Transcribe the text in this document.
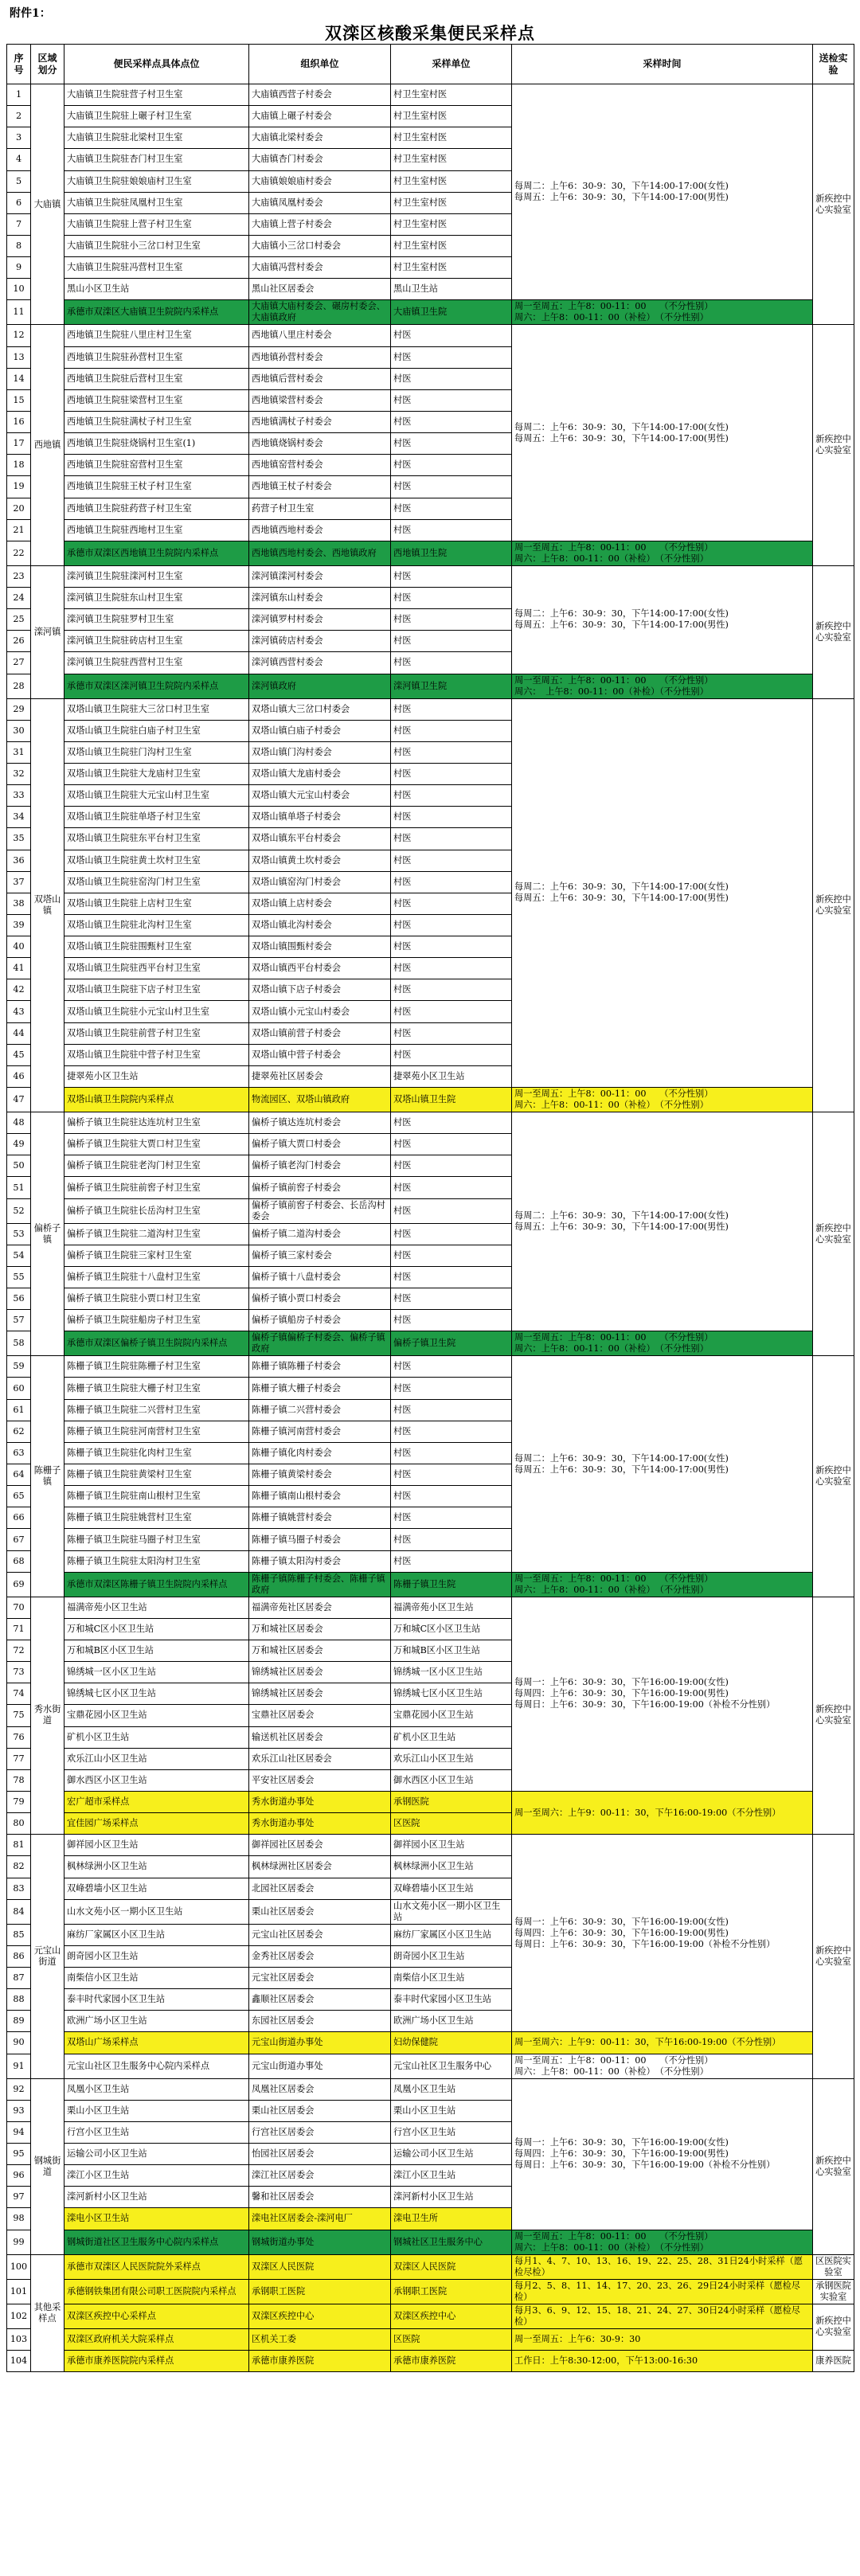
附件1：
双滦区核酸采集便民采样点
序号	区域划分	便民采样点具体点位	组织单位	采样单位	采样时间	送检实验
1	大庙镇	大庙镇卫生院驻营子村卫生室	大庙镇西营子村委会	村卫生室村医	每周二：上午6：30-9：30，下午14:00-17:00(女性)
每周五：上午6：30-9：30，下午14:00-17:00(男性)	新疾控中心实验室
2		大庙镇卫生院驻上碾子村卫生室	大庙镇上碾子村委会	村卫生室村医		
3		大庙镇卫生院驻北梁村卫生室	大庙镇北梁村委会	村卫生室村医		
4		大庙镇卫生院驻杏门村卫生室	大庙镇杏门村委会	村卫生室村医		
5		大庙镇卫生院驻娘娘庙村卫生室	大庙镇娘娘庙村委会	村卫生室村医		
6		大庙镇卫生院驻凤凰村卫生室	大庙镇凤凰村委会	村卫生室村医		
7		大庙镇卫生院驻上营子村卫生室	大庙镇上营子村委会	村卫生室村医		
8		大庙镇卫生院驻小三岔口村卫生室	大庙镇小三岔口村委会	村卫生室村医		
9		大庙镇卫生院驻冯营村卫生室	大庙镇冯营村委会	村卫生室村医		
10		黑山小区卫生站	黑山社区居委会	黑山卫生站		
11		承德市双滦区大庙镇卫生院院内采样点	大庙镇大庙村委会、碾房村委会、大庙镇政府	大庙镇卫生院	周一至周五：上午8：00-11：00　　（不分性别）
周六：上午8：00-11：00（补检）　（不分性别）	
12	西地镇	西地镇卫生院驻八里庄村卫生室	西地镇八里庄村委会	村医	每周二：上午6：30-9：30，下午14:00-17:00(女性)
每周五：上午6：30-9：30，下午14:00-17:00(男性)	新疾控中心实验室
13		西地镇卫生院驻孙营村卫生室	西地镇孙营村委会	村医		
14		西地镇卫生院驻后营村卫生室	西地镇后营村委会	村医		
15		西地镇卫生院驻梁营村卫生室	西地镇梁营村委会	村医		
16		西地镇卫生院驻满杖子村卫生室	西地镇满杖子村委会	村医		
17		西地镇卫生院驻烧锅村卫生室(1)	西地镇烧锅村委会	村医		
18		西地镇卫生院驻窑营村卫生室	西地镇窑营村委会	村医		
19		西地镇卫生院驻王杖子村卫生室	西地镇王杖子村委会	村医		
20		西地镇卫生院驻药营子村卫生室	药营子村卫生室	村医		
21		西地镇卫生院驻西地村卫生室	西地镇西地村委会	村医		
22		承德市双滦区西地镇卫生院院内采样点	西地镇西地村委会、西地镇政府	西地镇卫生院	周一至周五：上午8：00-11：00　　（不分性别）
周六：上午8：00-11：00（补检）　（不分性别）	
23	滦河镇	滦河镇卫生院驻滦河村卫生室	滦河镇滦河村委会	村医	每周二：上午6：30-9：30，下午14:00-17:00(女性)
每周五：上午6：30-9：30，下午14:00-17:00(男性)	新疾控中心实验室
24		滦河镇卫生院驻东山村卫生室	滦河镇东山村委会	村医		
25		滦河镇卫生院驻罗村卫生室	滦河镇罗村村委会	村医		
26		滦河镇卫生院驻砖店村卫生室	滦河镇砖店村委会	村医		
27		滦河镇卫生院驻西营村卫生室	滦河镇西营村委会	村医		
28		承德市双滦区滦河镇卫生院院内采样点	滦河镇政府	滦河镇卫生院	周一至周五：上午8：00-11：00　　（不分性别）
周六：　上午8：00-11：00（补检）（不分性别）	
29	双塔山镇	双塔山镇卫生院驻大三岔口村卫生室	双塔山镇大三岔口村委会	村医	每周二：上午6：30-9：30，下午14:00-17:00(女性)
每周五：上午6：30-9：30，下午14:00-17:00(男性)	新疾控中心实验室
30		双塔山镇卫生院驻白庙子村卫生室	双塔山镇白庙子村委会	村医		
31		双塔山镇卫生院驻门沟村卫生室	双塔山镇门沟村委会	村医		
32		双塔山镇卫生院驻大龙庙村卫生室	双塔山镇大龙庙村委会	村医		
33		双塔山镇卫生院驻大元宝山村卫生室	双塔山镇大元宝山村委会	村医		
34		双塔山镇卫生院驻单塔子村卫生室	双塔山镇单塔子村委会	村医		
35		双塔山镇卫生院驻东平台村卫生室	双塔山镇东平台村委会	村医		
36		双塔山镇卫生院驻黄土坎村卫生室	双塔山镇黄土坎村委会	村医		
37		双塔山镇卫生院驻窑沟门村卫生室	双塔山镇窑沟门村委会	村医		
38		双塔山镇卫生院驻上店村卫生室	双塔山镇上店村委会	村医		
39		双塔山镇卫生院驻北沟村卫生室	双塔山镇北沟村委会	村医		
40		双塔山镇卫生院驻围甄村卫生室	双塔山镇围甄村委会	村医		
41		双塔山镇卫生院驻西平台村卫生室	双塔山镇西平台村委会	村医		
42		双塔山镇卫生院驻下店子村卫生室	双塔山镇下店子村委会	村医		
43		双塔山镇卫生院驻小元宝山村卫生室	双塔山镇小元宝山村委会	村医		
44		双塔山镇卫生院驻前营子村卫生室	双塔山镇前营子村委会	村医		
45		双塔山镇卫生院驻中营子村卫生室	双塔山镇中营子村委会	村医		
46		捷翠苑小区卫生站	捷翠苑社区居委会	捷翠苑小区卫生站		
47		双塔山镇卫生院院内采样点	物流园区、双塔山镇政府	双塔山镇卫生院	周一至周五：上午8：00-11：00　　（不分性别）
周六：上午8：00-11：00（补检）　（不分性别）	
48	偏桥子镇	偏桥子镇卫生院驻达连坑村卫生室	偏桥子镇达连坑村委会	村医	每周二：上午6：30-9：30，下午14:00-17:00(女性)
每周五：上午6：30-9：30，下午14:00-17:00(男性)	新疾控中心实验室
49		偏桥子镇卫生院驻大贾口村卫生室	偏桥子镇大贾口村委会	村医		
50		偏桥子镇卫生院驻老沟门村卫生室	偏桥子镇老沟门村委会	村医		
51		偏桥子镇卫生院驻前窖子村卫生室	偏桥子镇前窖子村委会	村医		
52		偏桥子镇卫生院驻长岳沟村卫生室	偏桥子镇前窖子村委会、长岳沟村委会	村医		
53		偏桥子镇卫生院驻二道沟村卫生室	偏桥子镇二道沟村委会	村医		
54		偏桥子镇卫生院驻三家村卫生室	偏桥子镇三家村委会	村医		
55		偏桥子镇卫生院驻十八盘村卫生室	偏桥子镇十八盘村委会	村医		
56		偏桥子镇卫生院驻小贾口村卫生室	偏桥子镇小贾口村委会	村医		
57		偏桥子镇卫生院驻船房子村卫生室	偏桥子镇船房子村委会	村医		
58		承德市双滦区偏桥子镇卫生院院内采样点	偏桥子镇偏桥子村委会、偏桥子镇政府	偏桥子镇卫生院	周一至周五：上午8：00-11：00　　（不分性别）
周六：上午8：00-11：00（补检）　（不分性别）	
59	陈栅子镇	陈栅子镇卫生院驻陈栅子村卫生室	陈栅子镇陈栅子村委会	村医	每周二：上午6：30-9：30，下午14:00-17:00(女性)
每周五：上午6：30-9：30，下午14:00-17:00(男性)	新疾控中心实验室
60		陈栅子镇卫生院驻大栅子村卫生室	陈栅子镇大栅子村委会	村医		
61		陈栅子镇卫生院驻二兴营村卫生室	陈栅子镇二兴营村委会	村医		
62		陈栅子镇卫生院驻河南营村卫生室	陈栅子镇河南营村委会	村医		
63		陈栅子镇卫生院驻化肉村卫生室	陈栅子镇化肉村委会	村医		
64		陈栅子镇卫生院驻黄梁村卫生室	陈栅子镇黄梁村委会	村医		
65		陈栅子镇卫生院驻南山根村卫生室	陈栅子镇南山根村委会	村医		
66		陈栅子镇卫生院驻姚营村卫生室	陈栅子镇姚营村委会	村医		
67		陈栅子镇卫生院驻马圈子村卫生室	陈栅子镇马圈子村委会	村医		
68		陈栅子镇卫生院驻太阳沟村卫生室	陈栅子镇太阳沟村委会	村医		
69		承德市双滦区陈栅子镇卫生院院内采样点	陈栅子镇陈栅子村委会、陈栅子镇政府	陈栅子镇卫生院	周一至周五：上午8：00-11：00　　（不分性别）
周六：上午8：00-11：00（补检）　（不分性别）	
70	秀水街道	福满帝苑小区卫生站	福满帝苑社区居委会	福满帝苑小区卫生站	每周一：上午6：30-9：30，下午16:00-19:00(女性)
每周四：上午6：30-9：30，下午16:00-19:00(男性)
每周日：上午6：30-9：30，下午16:00-19:00（补检不分性别）	新疾控中心实验室
71		万和城C区小区卫生站	万和城社区居委会	万和城C区小区卫生站		
72		万和城B区小区卫生站	万和城社区居委会	万和城B区小区卫生站		
73		锦绣城一区小区卫生站	锦绣城社区居委会	锦绣城一区小区卫生站		
74		锦绣城七区小区卫生站	锦绣城社区居委会	锦绣城七区小区卫生站		
75		宝鼎花园小区卫生站	宝鼎社区居委会	宝鼎花园小区卫生站		
76		矿机小区卫生站	输送机社区居委会	矿机小区卫生站		
77		欢乐江山小区卫生站	欢乐江山社区居委会	欢乐江山小区卫生站		
78		御水西区小区卫生站	平安社区居委会	御水西区小区卫生站		
79		宏广超市采样点	秀水街道办事处	承钢医院	周一至周六：上午9：00-11：30，下午16:00-19:00（不分性别）	
80		宜佳园广场采样点	秀水街道办事处	区医院		
81	元宝山街道	御祥园小区卫生站	御祥园社区居委会	御祥园小区卫生站	每周一：上午6：30-9：30，下午16:00-19:00(女性)
每周四：上午6：30-9：30，下午16:00-19:00(男性)
每周日：上午6：30-9：30，下午16:00-19:00（补检不分性别）	新疾控中心实验室
82		枫林绿洲小区卫生站	枫林绿洲社区居委会	枫林绿洲小区卫生站		
83		双峰碧墙小区卫生站	北园社区居委会	双峰碧墙小区卫生站		
84		山水文苑小区一期小区卫生站	栗山社区居委会	山水文苑小区一期小区卫生站		
85		麻纺厂家属区小区卫生站	元宝山社区居委会	麻纺厂家属区小区卫生站		
86		朗奇园小区卫生站	金秀社区居委会	朗奇园小区卫生站		
87		南柴信小区卫生站	元宝社区居委会	南柴信小区卫生站		
88		泰丰时代家园小区卫生站	鑫顺社区居委会	泰丰时代家园小区卫生站		
89		欧洲广场小区卫生站	东园社区居委会	欧洲广场小区卫生站		
90		双塔山广场采样点	元宝山街道办事处	妇幼保健院	周一至周六：上午9：00-11：30，下午16:00-19:00（不分性别）	
91		元宝山社区卫生服务中心院内采样点	元宝山街道办事处	元宝山社区卫生服务中心	周一至周五：上午8：00-11：00　　（不分性别）
周六：上午8：00-11：00（补检）　（不分性别）	
92	钢城街道	凤凰小区卫生站	凤凰社区居委会	凤凰小区卫生站	每周一：上午6：30-9：30，下午16:00-19:00(女性)
每周四：上午6：30-9：30，下午16:00-19:00(男性)
每周日：上午6：30-9：30，下午16:00-19:00（补检不分性别）	新疾控中心实验室
93		栗山小区卫生站	栗山社区居委会	栗山小区卫生站		
94		行宫小区卫生站	行宫社区居委会	行宫小区卫生站		
95		运输公司小区卫生站	怡园社区居委会	运输公司小区卫生站		
96		滦江小区卫生站	滦江社区居委会	滦江小区卫生站		
97		滦河新村小区卫生站	馨和社区居委会	滦河新村小区卫生站		
98		滦电小区卫生站	滦电社区居委会-滦河电厂	滦电卫生所		
99		钢城街道社区卫生服务中心院内采样点	钢城街道办事处	钢城社区卫生服务中心	周一至周五：上午8：00-11：00　　（不分性别）
周六：上午8：00-11：00（补检）　（不分性别）	
100	其他采样点	承德市双滦区人民医院院外采样点	双滦区人民医院	双滦区人民医院	每月1、4、7、10、13、16、19、22、25、28、31日24小时采样（愿检尽检）	区医院实验室
101		承德钢铁集团有限公司职工医院院内采样点	承钢职工医院	承钢职工医院	每月2、5、8、11、14、17、20、23、26、29日24小时采样（愿检尽检）	承钢医院实验室
102		双滦区疾控中心采样点	双滦区疾控中心	双滦区疾控中心	每月3、6、9、12、15、18、21、24、27、30日24小时采样（愿检尽检）	新疾控中心实验室
103		双滦区政府机关大院采样点	区机关工委	区医院	周一至周五：上午6：30-9：30	
104		承德市康养医院院内采样点	承德市康养医院	承德市康养医院	工作日：上午8:30-12:00，下午13:00-16:30	康养医院
